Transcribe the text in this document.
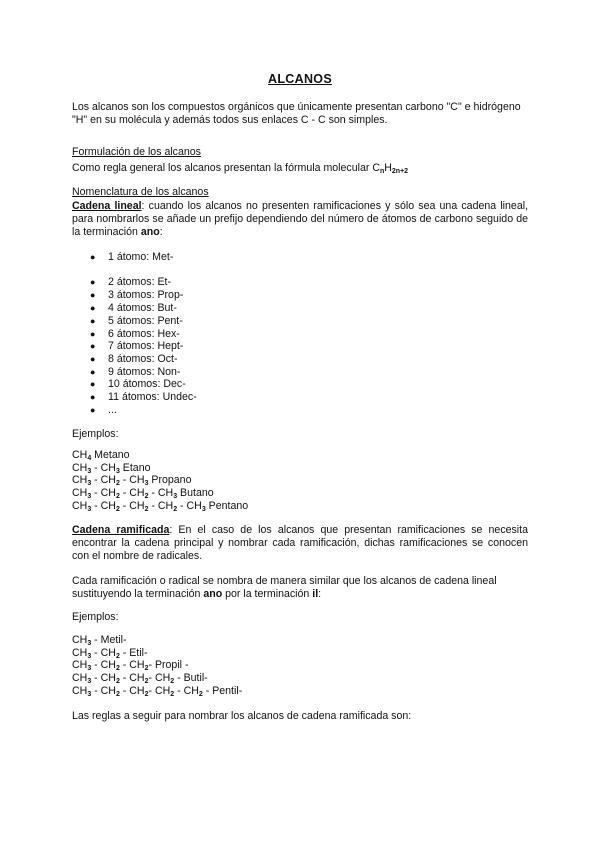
ALCANOS

Los alcanos son los compuestos orgánicos que únicamente presentan carbono "C" e hidrógeno "H" en su molécula y además todos sus enlaces C - C son simples.

Formulación de los alcanos
Como regla general los alcanos presentan la fórmula molecular $C_nH_{2n+2}$
Nomenclatura de los alcanos

Cadena lineal: cuando los alcanos no presenten ramificaciones y sólo sea una cadena lineal, para nombrarlos se añade un prefijo dependiendo del número de átomos de carbono seguido de la terminación ano:

● 1 átomo: Met-
● 2 átomos: Et-
● 3 átomos: Prop-
● 4 átomos: But-
● 5 átomos: Pent-
● 6 átomos: Hex-
● 7 átomos: Hept-
● 8 átomos: Oct-
● 9 átomos: Non-
● 10 átomos: Dec-
● 11 átomos: Undec-
● ...
Ejemplos:
$CH_4$ Metano
$CH_3 - CH_3$ Etano
$CH_3 - CH_2 - CH_3$ Propano
$CH_3 - CH_2 - CH_2 - CH_3$ Butano
$CH_3 - CH_2 - CH_2 - CH_2 - CH_3$ Pentano

Cadena ramificada: En el caso de los alcanos que presentan ramificaciones se necesita encontrar la cadena principal y nombrar cada ramificación, dichas ramificaciones se conocen con el nombre de radicales.

Cada ramificación o radical se nombra de manera similar que los alcanos de cadena lineal sustituyendo la terminación ano por la terminación il:

Ejemplos:
$CH_3$ - Metil-
$CH_3 - CH_2$ - Etil-
$CH_3 - CH_2 - CH_2-$ Propil -
$CH_3 - CH_2 - CH_2-$ $CH_2$ - Butil-
$CH_3 - CH_2 - CH_2-$ $CH_2 - CH_2$ - Pentil-
Las reglas a seguir para nombrar los alcanos de cadena ramificada son:
